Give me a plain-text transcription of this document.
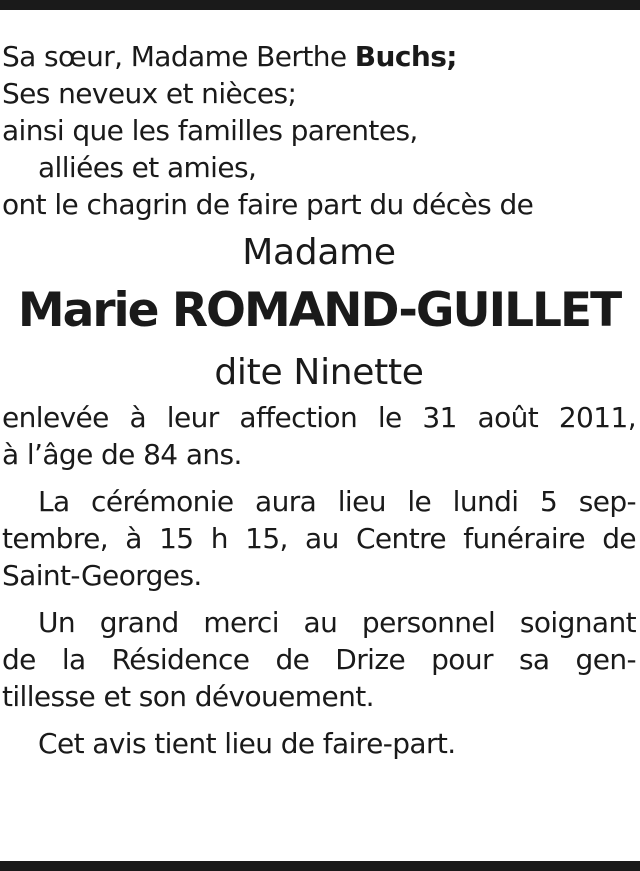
Sa sœur, Madame Berthe Buchs;
Ses neveux et nièces;
ainsi que les familles parentes,
alliées et amies,
ont le chagrin de faire part du décès de
Madame
Marie ROMAND-GUILLET
dite Ninette
enlevée à leur affection le 31 août 2011,
à l’âge de 84 ans.
La cérémonie aura lieu le lundi 5 sep-
tembre, à 15 h 15, au Centre funéraire de
Saint-Georges.
Un grand merci au personnel soignant
de la Résidence de Drize pour sa gen-
tillesse et son dévouement.
Cet avis tient lieu de faire-part.
